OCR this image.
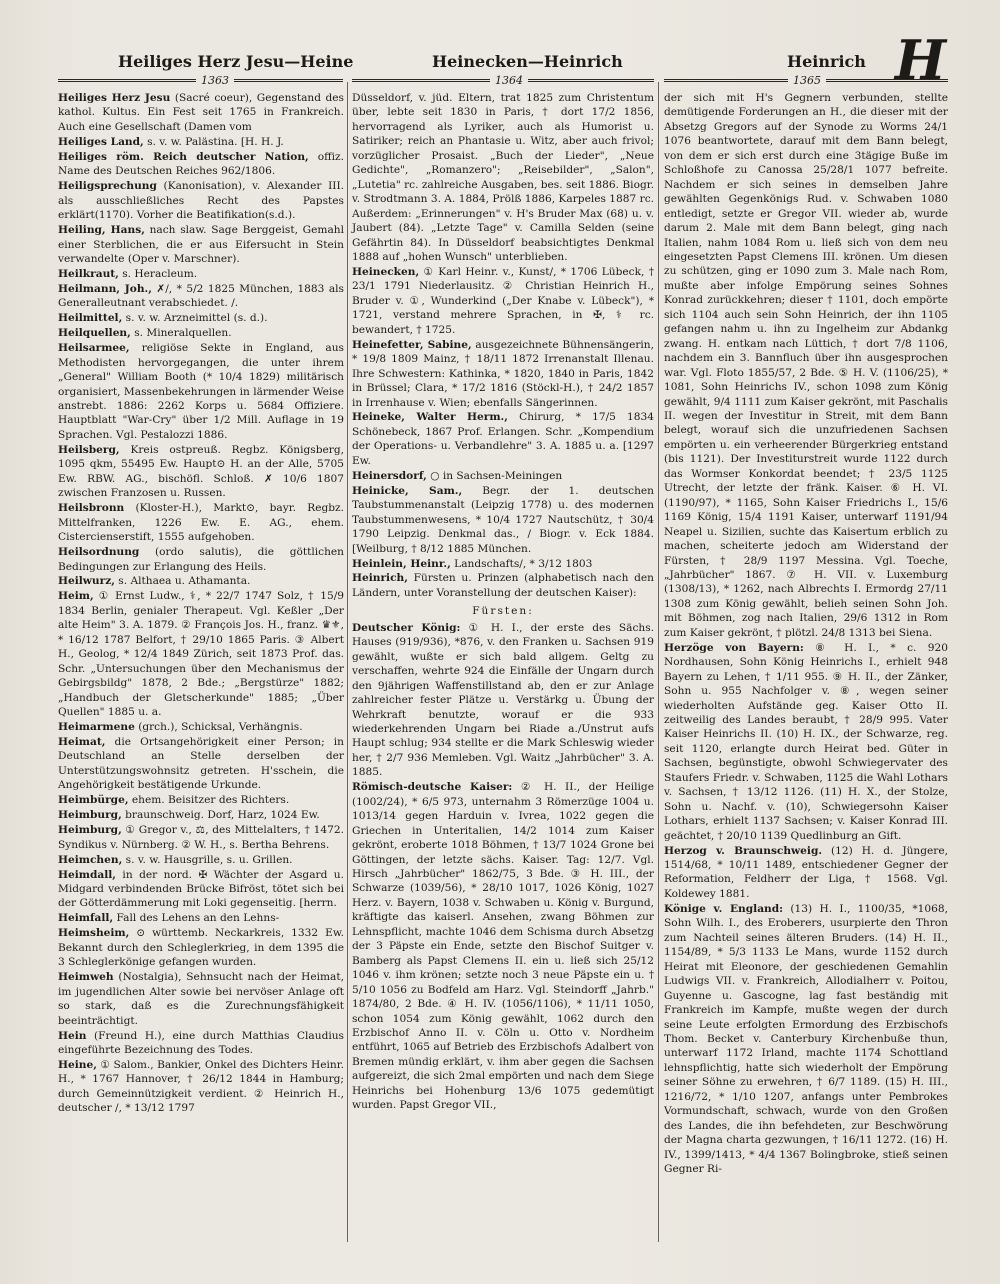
Heiliges Herz Jesu—Heine	Heinecken—Heinrich	Heinrich H
1363	1364	1365

Heiliges Herz Jesu (Sacré coeur), Gegenstand des kathol. Kultus. Ein Fest seit 1765 in Frankreich. Auch eine Gesellschaft (Damen vom

Heiliges Land, s. v. w. Palästina. [H. H. J.

Heiliges röm. Reich deutscher Nation, offiz. Name des Deutschen Reiches 962/1806.

Heiligsprechung (Kanonisation), v. Alexander III. als ausschließliches Recht des Papstes erklärt(1170). Vorher die Beatifikation(s.d.).

Heiling, Hans, nach slaw. Sage Berggeist, Gemahl einer Sterblichen, die er aus Eifersucht in Stein verwandelte (Oper v. Marschner).

Heilkraut, s. Heracleum.

Heilmann, Joh., ✗/, * 5/2 1825 München, 1883 als Generalleutnant verabschiedet. /.

Heilmittel, s. v. w. Arzneimittel (s. d.).

Heilquellen, s. Mineralquellen.

Heilsarmee, religiöse Sekte in England, aus Methodisten hervorgegangen, die unter ihrem „General" William Booth (* 10/4 1829) militärisch organisiert, Massenbekehrungen in lärmender Weise anstrebt. 1886: 2262 Korps u. 5684 Offiziere. Hauptblatt "War-Cry" über 1/2 Mill. Auflage in 19 Sprachen. Vgl. Pestalozzi 1886.

Heilsberg, Kreis ostpreuß. Regbz. Königsberg, 1095 qkm, 55495 Ew. Haupt⊙ H. an der Alle, 5705 Ew. RBW. AG., bischöfl. Schloß. ✗ 10/6 1807 zwischen Franzosen u. Russen.

Heilsbronn (Kloster-H.), Markt⊙, bayr. Regbz. Mittelfranken, 1226 Ew. E. AG., ehem. Cistercienserstift, 1555 aufgehoben.

Heilsordnung (ordo salutis), die göttlichen Bedingungen zur Erlangung des Heils.

Heilwurz, s. Althaea u. Athamanta.

Heim, ① Ernst Ludw., ⚕, * 22/7 1747 Solz, † 15/9 1834 Berlin, genialer Therapeut. Vgl. Keßler „Der alte Heim" 3. A. 1879. ② François Jos. H., franz. ♛⚜, * 16/12 1787 Belfort, † 29/10 1865 Paris. ③ Albert H., Geolog, * 12/4 1849 Zürich, seit 1873 Prof. das. Schr. „Untersuchungen über den Mechanismus der Gebirgsbildg" 1878, 2 Bde.; „Bergstürze" 1882; „Handbuch der Gletscherkunde" 1885; „Über Quellen" 1885 u. a.

Heimarmene (grch.), Schicksal, Verhängnis.

Heimat, die Ortsangehörigkeit einer Person; in Deutschland an Stelle derselben der Unterstützungswohnsitz getreten. H'sschein, die Angehörigkeit bestätigende Urkunde.

Heimbürge, ehem. Beisitzer des Richters.

Heimburg, braunschweig. Dorf, Harz, 1024 Ew.

Heimburg, ① Gregor v., ⚖, des Mittelalters, † 1472. Syndikus v. Nürnberg. ② W. H., s. Bertha Behrens.

Heimchen, s. v. w. Hausgrille, s. u. Grillen.

Heimdall, in der nord. ✠ Wächter der Asgard u. Midgard verbindenden Brücke Bifröst, tötet sich bei der Götterdämmerung mit Loki gegenseitig. [herrn.

Heimfall, Fall des Lehens an den Lehns-

Heimsheim, ⊙ württemb. Neckarkreis, 1332 Ew. Bekannt durch den Schleglerkrieg, in dem 1395 die 3 Schleglerkönige gefangen wurden.

Heimweh (Nostalgia), Sehnsucht nach der Heimat, im jugendlichen Alter sowie bei nervöser Anlage oft so stark, daß es die Zurechnungsfähigkeit beeinträchtigt.

Hein (Freund H.), eine durch Matthias Claudius eingeführte Bezeichnung des Todes.

Heine, ① Salom., Bankier, Onkel des Dichters Heinr. H., * 1767 Hannover, † 26/12 1844 in Hamburg; durch Gemeinnützigkeit verdient. ② Heinrich H., deutscher /, * 13/12 1797

Düsseldorf, v. jüd. Eltern, trat 1825 zum Christentum über, lebte seit 1830 in Paris, † dort 17/2 1856, hervorragend als Lyriker, auch als Humorist u. Satiriker; reich an Phantasie u. Witz, aber auch frivol; vorzüglicher Prosaist. „Buch der Lieder", „Neue Gedichte", „Romanzero"; „Reisebilder", „Salon", „Lutetia" rc. zahlreiche Ausgaben, bes. seit 1886. Biogr. v. Strodtmann 3. A. 1884, Prölß 1886, Karpeles 1887 rc. Außerdem: „Erinnerungen" v. H's Bruder Max (68) u. v. Jaubert (84). „Letzte Tage" v. Camilla Selden (seine Gefährtin 84). In Düsseldorf beabsichtigtes Denkmal 1888 auf „hohen Wunsch" unterblieben.

Heinecken, ① Karl Heinr. v., Kunst/, * 1706 Lübeck, † 23/1 1791 Niederlausitz. ② Christian Heinrich H., Bruder v. ①, Wunderkind („Der Knabe v. Lübeck"), * 1721, verstand mehrere Sprachen, in ✠, ⚕ rc. bewandert, † 1725.

Heinefetter, Sabine, ausgezeichnete Bühnensängerin, * 19/8 1809 Mainz, † 18/11 1872 Irrenanstalt Illenau. Ihre Schwestern: Kathinka, * 1820, 1840 in Paris, 1842 in Brüssel; Clara, * 17/2 1816 (Stöckl-H.), † 24/2 1857 in Irrenhause v. Wien; ebenfalls Sängerinnen.

Heineke, Walter Herm., Chirurg, * 17/5 1834 Schönebeck, 1867 Prof. Erlangen. Schr. „Kompendium der Operations- u. Verbandlehre" 3. A. 1885 u. a. [1297 Ew.

Heinersdorf, ○ in Sachsen-Meiningen

Heinicke, Sam., Begr. der 1. deutschen Taubstummenanstalt (Leipzig 1778) u. des modernen Taubstummenwesens, * 10/4 1727 Nautschütz, † 30/4 1790 Leipzig. Denkmal das., / Biogr. v. Eck 1884. [Weilburg, † 8/12 1885 München.

Heinlein, Heinr., Landschafts/, * 3/12 1803

Heinrich, Fürsten u. Prinzen (alphabetisch nach den Ländern, unter Voranstellung der deutschen Kaiser):

Fürsten:

Deutscher König: ① H. I., der erste des Sächs. Hauses (919/936), *876, v. den Franken u. Sachsen 919 gewählt, wußte er sich bald allgem. Geltg zu verschaffen, wehrte 924 die Einfälle der Ungarn durch den 9jährigen Waffenstillstand ab, den er zur Anlage zahlreicher fester Plätze u. Verstärkg u. Übung der Wehrkraft benutzte, worauf er die 933 wiederkehrenden Ungarn bei Riade a./Unstrut aufs Haupt schlug; 934 stellte er die Mark Schleswig wieder her, † 2/7 936 Memleben. Vgl. Waitz „Jahrbücher" 3. A. 1885.

Römisch-deutsche Kaiser: ② H. II., der Heilige (1002/24), * 6/5 973, unternahm 3 Römerzüge 1004 u. 1013/14 gegen Harduin v. Ivrea, 1022 gegen die Griechen in Unteritalien, 14/2 1014 zum Kaiser gekrönt, eroberte 1018 Böhmen, † 13/7 1024 Grone bei Göttingen, der letzte sächs. Kaiser. Tag: 12/7. Vgl. Hirsch „Jahrbücher" 1862/75, 3 Bde. ③ H. III., der Schwarze (1039/56), * 28/10 1017, 1026 König, 1027 Herz. v. Bayern, 1038 v. Schwaben u. König v. Burgund, kräftigte das kaiserl. Ansehen, zwang Böhmen zur Lehnspflicht, machte 1046 dem Schisma durch Absetzg der 3 Päpste ein Ende, setzte den Bischof Suitger v. Bamberg als Papst Clemens II. ein u. ließ sich 25/12 1046 v. ihm krönen; setzte noch 3 neue Päpste ein u. † 5/10 1056 zu Bodfeld am Harz. Vgl. Steindorff „Jahrb." 1874/80, 2 Bde. ④ H. IV. (1056/1106), * 11/11 1050, schon 1054 zum König gewählt, 1062 durch den Erzbischof Anno II. v. Cöln u. Otto v. Nordheim entführt, 1065 auf Betrieb des Erzbischofs Adalbert von Bremen mündig erklärt, v. ihm aber gegen die Sachsen aufgereizt, die sich 2mal empörten und nach dem Siege Heinrichs bei Hohenburg 13/6 1075 gedemütigt wurden. Papst Gregor VII.,

der sich mit H's Gegnern verbunden, stellte demütigende Forderungen an H., die dieser mit der Absetzg Gregors auf der Synode zu Worms 24/1 1076 beantwortete, darauf mit dem Bann belegt, von dem er sich erst durch eine 3tägige Buße im Schloßhofe zu Canossa 25/28/1 1077 befreite. Nachdem er sich seines in demselben Jahre gewählten Gegenkönigs Rud. v. Schwaben 1080 entledigt, setzte er Gregor VII. wieder ab, wurde darum 2. Male mit dem Bann belegt, ging nach Italien, nahm 1084 Rom u. ließ sich von dem neu eingesetzten Papst Clemens III. krönen. Um diesen zu schützen, ging er 1090 zum 3. Male nach Rom, mußte aber infolge Empörung seines Sohnes Konrad zurückkehren; dieser † 1101, doch empörte sich 1104 auch sein Sohn Heinrich, der ihn 1105 gefangen nahm u. ihn zu Ingelheim zur Abdankg zwang. H. entkam nach Lüttich, † dort 7/8 1106, nachdem ein 3. Bannfluch über ihn ausgesprochen war. Vgl. Floto 1855/57, 2 Bde. ⑤ H. V. (1106/25), * 1081, Sohn Heinrichs IV., schon 1098 zum König gewählt, 9/4 1111 zum Kaiser gekrönt, mit Paschalis II. wegen der Investitur in Streit, mit dem Bann belegt, worauf sich die unzufriedenen Sachsen empörten u. ein verheerender Bürgerkrieg entstand (bis 1121). Der Investiturstreit wurde 1122 durch das Wormser Konkordat beendet; † 23/5 1125 Utrecht, der letzte der fränk. Kaiser. ⑥ H. VI. (1190/97), * 1165, Sohn Kaiser Friedrichs I., 15/6 1169 König, 15/4 1191 Kaiser, unterwarf 1191/94 Neapel u. Sizilien, suchte das Kaisertum erblich zu machen, scheiterte jedoch am Widerstand der Fürsten, † 28/9 1197 Messina. Vgl. Toeche, „Jahrbücher" 1867. ⑦ H. VII. v. Luxemburg (1308/13), * 1262, nach Albrechts I. Ermordg 27/11 1308 zum König gewählt, belieh seinen Sohn Joh. mit Böhmen, zog nach Italien, 29/6 1312 in Rom zum Kaiser gekrönt, † plötzl. 24/8 1313 bei Siena.

Herzöge von Bayern: ⑧ H. I., * c. 920 Nordhausen, Sohn König Heinrichs I., erhielt 948 Bayern zu Lehen, † 1/11 955. ⑨ H. II., der Zänker, Sohn u. 955 Nachfolger v. ⑧, wegen seiner wiederholten Aufstände geg. Kaiser Otto II. zeitweilig des Landes beraubt, † 28/9 995. Vater Kaiser Heinrichs II. (10) H. IX., der Schwarze, reg. seit 1120, erlangte durch Heirat bed. Güter in Sachsen, begünstigte, obwohl Schwiegervater des Staufers Friedr. v. Schwaben, 1125 die Wahl Lothars v. Sachsen, † 13/12 1126. (11) H. X., der Stolze, Sohn u. Nachf. v. (10), Schwiegersohn Kaiser Lothars, erhielt 1137 Sachsen; v. Kaiser Konrad III. geächtet, † 20/10 1139 Quedlinburg an Gift.

Herzog v. Braunschweig. (12) H. d. Jüngere, 1514/68, * 10/11 1489, entschiedener Gegner der Reformation, Feldherr der Liga, † 1568. Vgl. Koldewey 1881.

Könige v. England: (13) H. I., 1100/35, *1068, Sohn Wilh. I., des Eroberers, usurpierte den Thron zum Nachteil seines älteren Bruders. (14) H. II., 1154/89, * 5/3 1133 Le Mans, wurde 1152 durch Heirat mit Eleonore, der geschiedenen Gemahlin Ludwigs VII. v. Frankreich, Allodialherr v. Poitou, Guyenne u. Gascogne, lag fast beständig mit Frankreich im Kampfe, mußte wegen der durch seine Leute erfolgten Ermordung des Erzbischofs Thom. Becket v. Canterbury Kirchenbuße thun, unterwarf 1172 Irland, machte 1174 Schottland lehnspflichtig, hatte sich wiederholt der Empörung seiner Söhne zu erwehren, † 6/7 1189. (15) H. III., 1216/72, * 1/10 1207, anfangs unter Pembrokes Vormundschaft, schwach, wurde von den Großen des Landes, die ihn befehdeten, zur Beschwörung der Magna charta gezwungen, † 16/11 1272. (16) H. IV., 1399/1413, * 4/4 1367 Bolingbroke, stieß seinen Gegner Ri-
